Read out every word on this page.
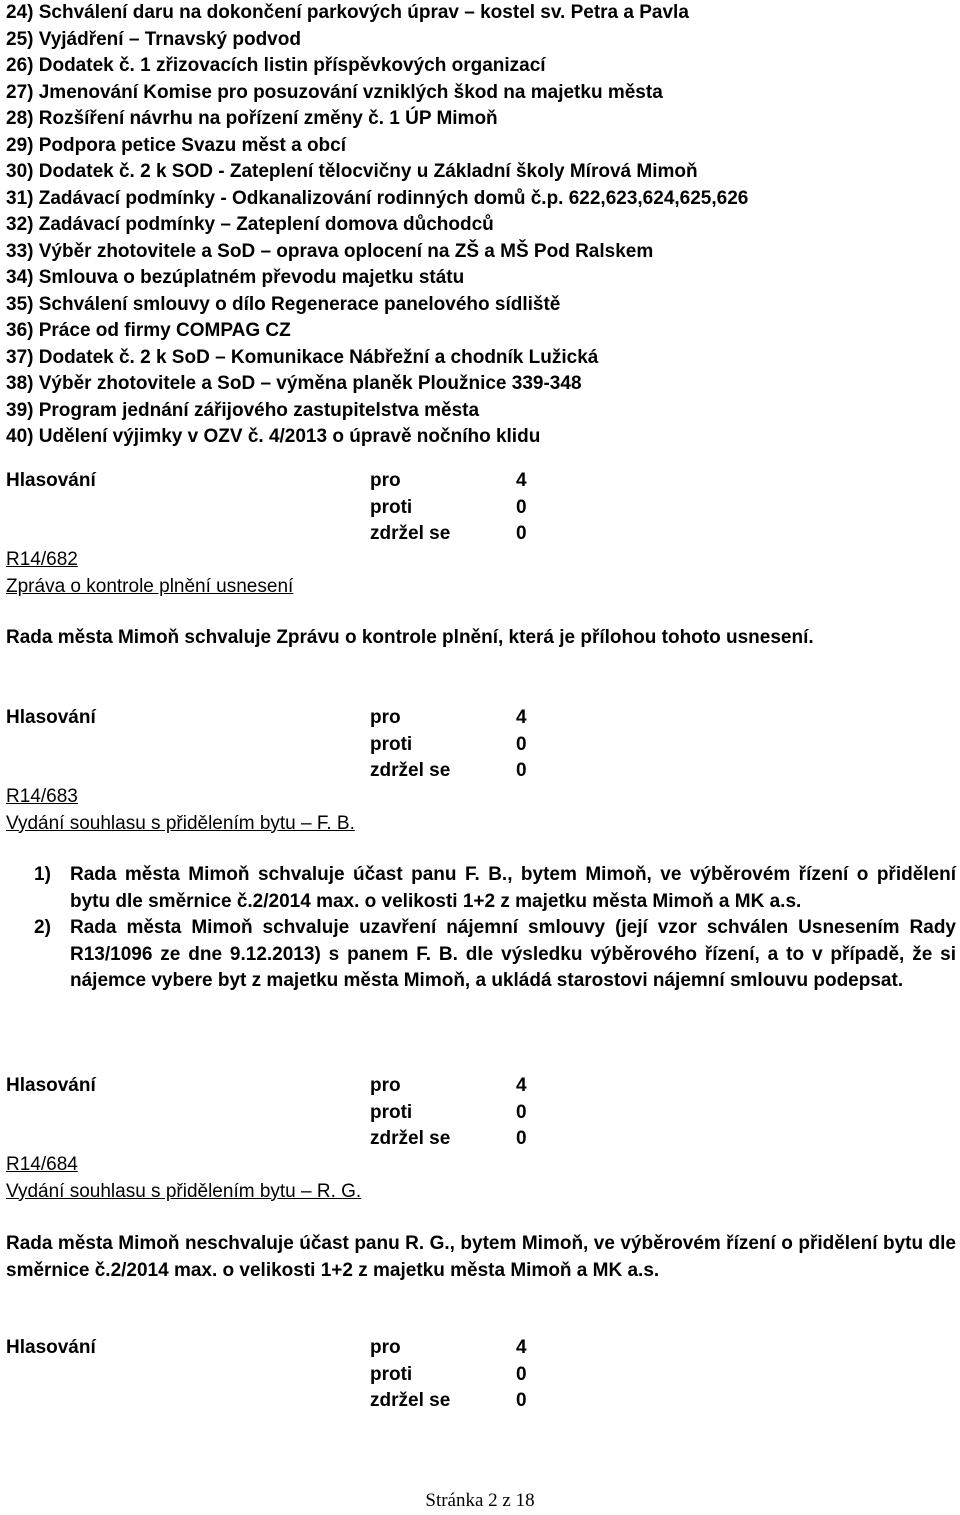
24) Schválení daru na dokončení parkových úprav – kostel sv. Petra a Pavla
25) Vyjádření – Trnavský podvod
26) Dodatek č. 1 zřizovacích listin příspěvkových organizací
27) Jmenování Komise pro posuzování vzniklých škod na majetku města
28) Rozšíření návrhu na pořízení změny č. 1 ÚP Mimoň
29) Podpora petice Svazu měst a obcí
30) Dodatek č. 2 k SOD - Zateplení tělocvičny u Základní školy Mírová Mimoň
31) Zadávací podmínky - Odkanalizování rodinných domů č.p. 622,623,624,625,626
32) Zadávací podmínky – Zateplení domova důchodců
33) Výběr zhotovitele a SoD – oprava oplocení na ZŠ a MŠ Pod Ralskem
34) Smlouva o bezúplatném převodu majetku státu
35) Schválení smlouvy o dílo Regenerace panelového sídliště
36) Práce od firmy COMPAG CZ
37) Dodatek č. 2 k SoD – Komunikace Nábřežní a chodník Lužická
38) Výběr zhotovitele a SoD – výměna planěk Ploužnice 339-348
39) Program jednání zářijového zastupitelstva města
40) Udělení výjimky v OZV č. 4/2013 o úpravě nočního klidu
Hlasování	pro	4
proti	0
zdržel se	0
R14/682
Zpráva o kontrole plnění usnesení
Rada města Mimoň schvaluje Zprávu o kontrole plnění, která je přílohou tohoto usnesení.
Hlasování	pro	4
proti	0
zdržel se	0
R14/683
Vydání souhlasu s přidělením bytu – F. B.
1)	Rada města Mimoň schvaluje účast panu F. B., bytem Mimoň, ve výběrovém řízení o přidělení bytu dle směrnice č.2/2014 max. o velikosti 1+2 z majetku města Mimoň a MK a.s.
2)	Rada města Mimoň schvaluje uzavření nájemní smlouvy (její vzor schválen Usnesením Rady R13/1096 ze dne 9.12.2013) s panem F. B. dle výsledku výběrového řízení, a to v případě, že si nájemce vybere byt z majetku města Mimoň, a ukládá starostovi nájemní smlouvu podepsat.
Hlasování	pro	4
proti	0
zdržel se	0
R14/684
Vydání souhlasu s přidělením bytu – R. G.
Rada města Mimoň neschvaluje účast panu R. G., bytem Mimoň, ve výběrovém řízení o přidělení bytu dle směrnice č.2/2014 max. o velikosti 1+2 z majetku města Mimoň a MK a.s.
Hlasování	pro	4
proti	0
zdržel se	0
Stránka 2 z 18
